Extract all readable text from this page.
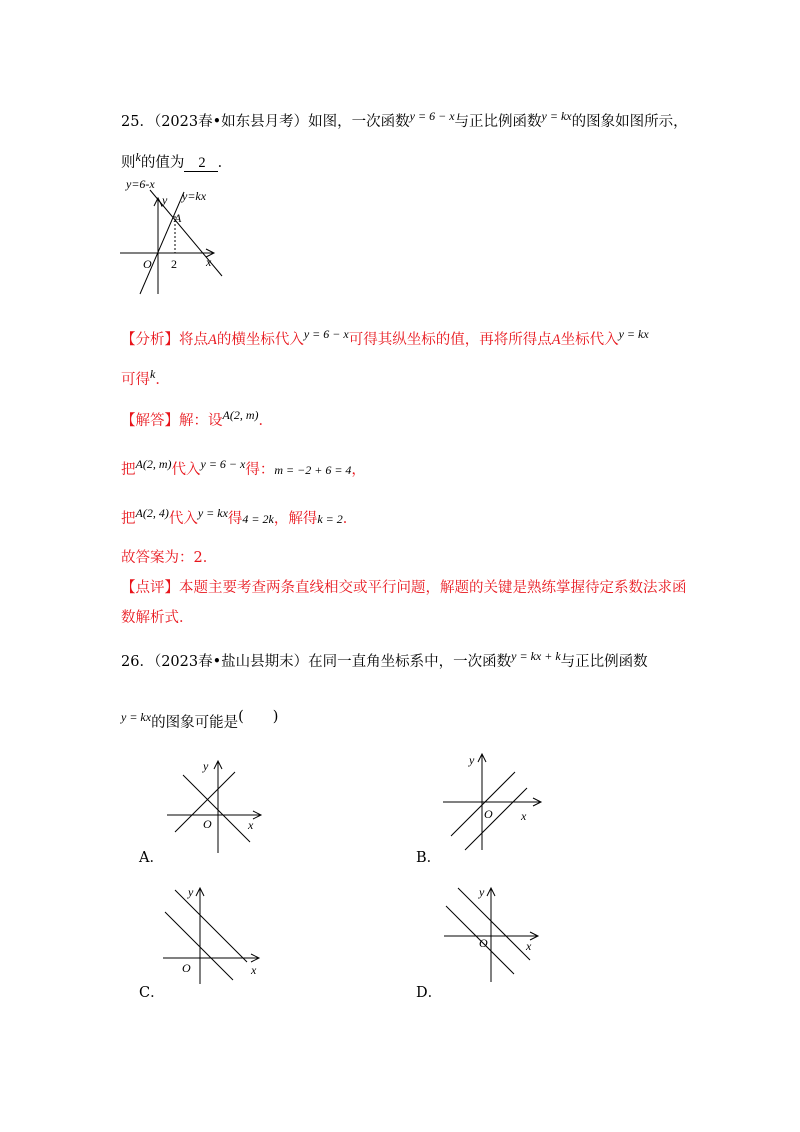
25．（2023春•如东县月考）如图，一次函数$^{y = 6 - x}$与正比例函数$^{y = kx}$的图象如图所示，
则$^k$的值为 2 ．
y=6-x
y y=kx
A
O 2 x
【分析】将点A的横坐标代入$^{y = 6 - x}$可得其纵坐标的值，再将所得点A坐标代入$^{y = kx}$
可得$^k$．
【解答】解：设$^{A(2, m)}$．
把$^{A(2, m)}$代入$^{y = 6 - x}$得：m = −2 + 6 = 4，
把$^{A(2, 4)}$代入$^{y = kx}$得4 = 2k，解得k = 2．
故答案为：2．
【点评】本题主要考查两条直线相交或平行问题，解题的关键是熟练掌握待定系数法求函
数解析式．
26．（2023春•盐山县期末）在同一直角坐标系中，一次函数$^{y = kx + k}$与正比例函数
$^{y = kx}$的图象可能是(　　)
O	x
y
A．
O x
y
B．
O	x
y
C．
O	x
y
D．
